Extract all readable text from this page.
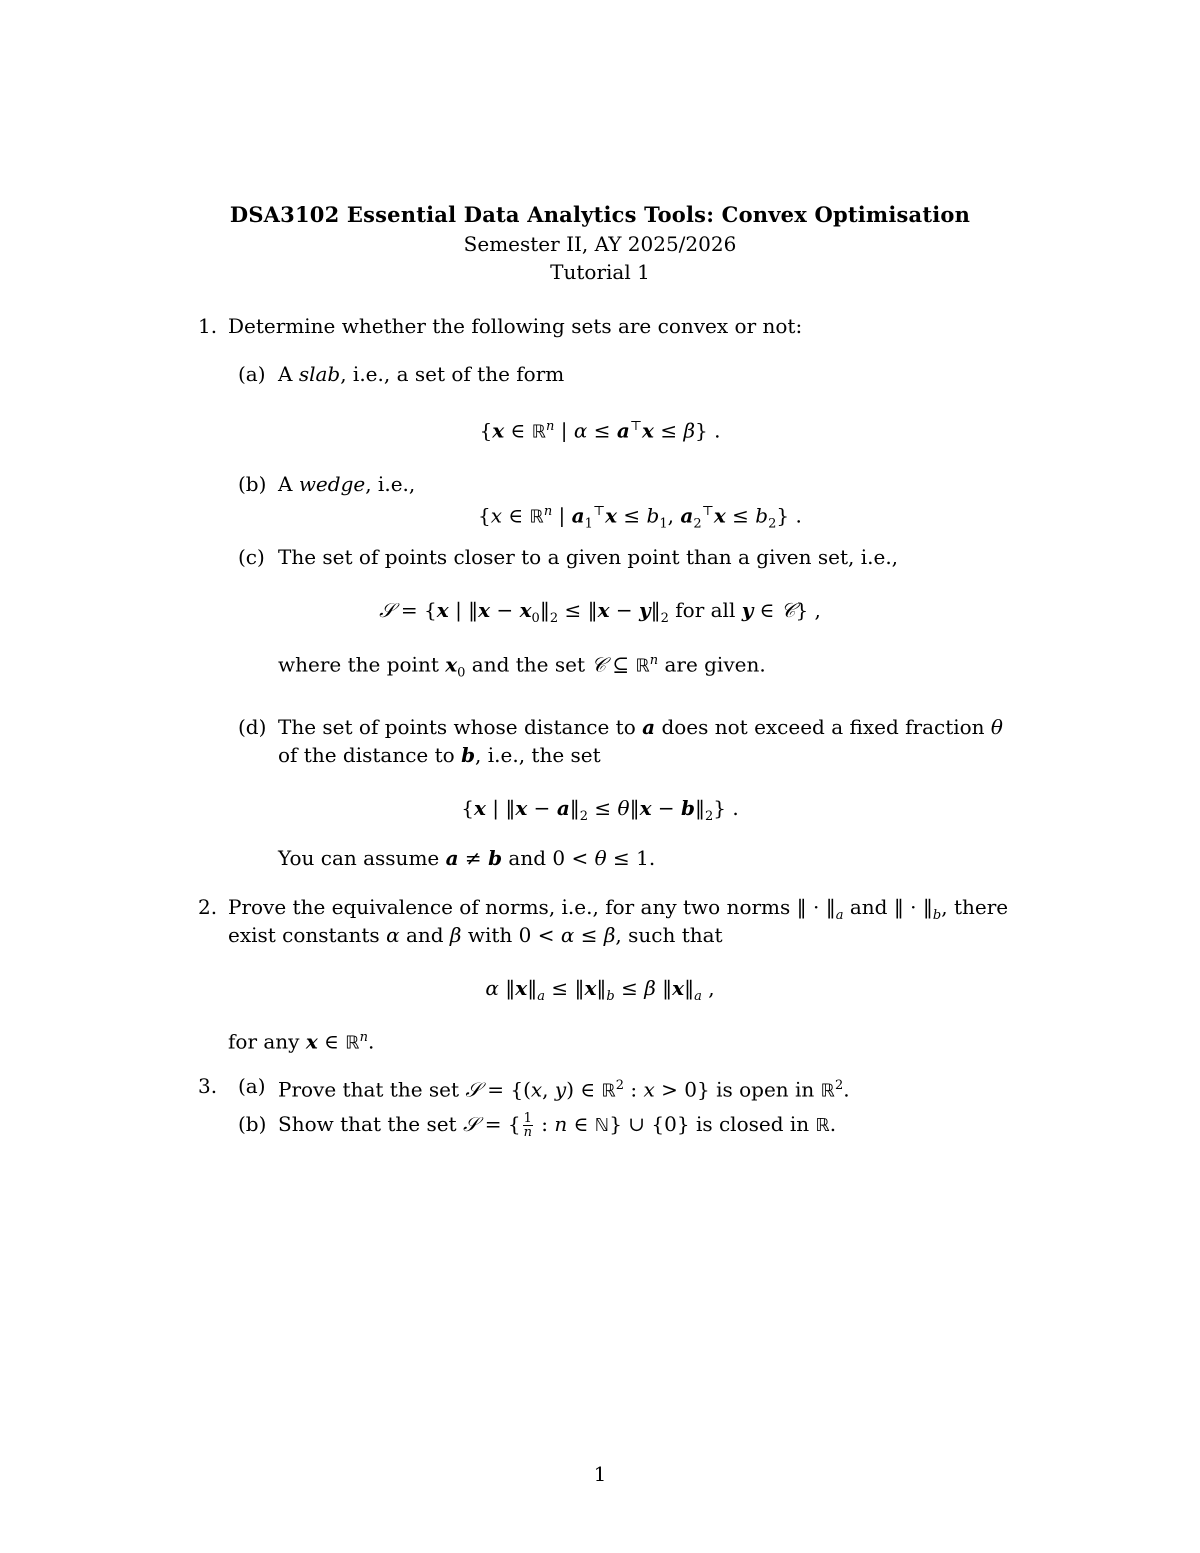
DSA3102 Essential Data Analytics Tools: Convex Optimisation
Semester II, AY 2025/2026
Tutorial 1
1. Determine whether the following sets are convex or not:
(a) A slab, i.e., a set of the form
{x ∈ ℝ$^n$ | α ≤ a⊤x ≤ β} .
(b) A wedge, i.e.,
{x ∈ ℝ$^n$ | $a_1^⊤x \le b_1$, $a_2^⊤x \le b_2$} .
(c) The set of points closer to a given point than a given set, i.e.,
𝒮 = {x | ‖x − $x_0‖_2$ ≤ ‖x − $y‖_2$ for all y ∈ 𝒞} ,
where the point $x_0$ and the set 𝒞 ⊆ ℝ$^n$ are given.
(d) The set of points whose distance to a does not exceed a fixed fraction θ
of the distance to b, i.e., the set
{x | ‖x − $a‖_2$ ≤ θ‖x − $b‖_2$} .
You can assume a ≠ b and 0 < θ ≤ 1.
2. Prove the equivalence of norms, i.e., for any two norms ‖ · $‖_a$ and ‖ · $‖_b$, there
exist constants α and β with 0 < α ≤ β, such that
α $‖x‖_a$ ≤ $‖x‖_b \le \beta$ $‖x‖_a$ ,
for any x ∈ ℝ$^n$.
3. (a) Prove that the set 𝒮 = {(x, y) ∈ ℝ$^2$ : x > 0} is open in ℝ$^2$.
(b) Show that the set 𝒮 = { $\frac{1}{n}$ : n ∈ ℕ} ∪ {0} is closed in ℝ.
1
